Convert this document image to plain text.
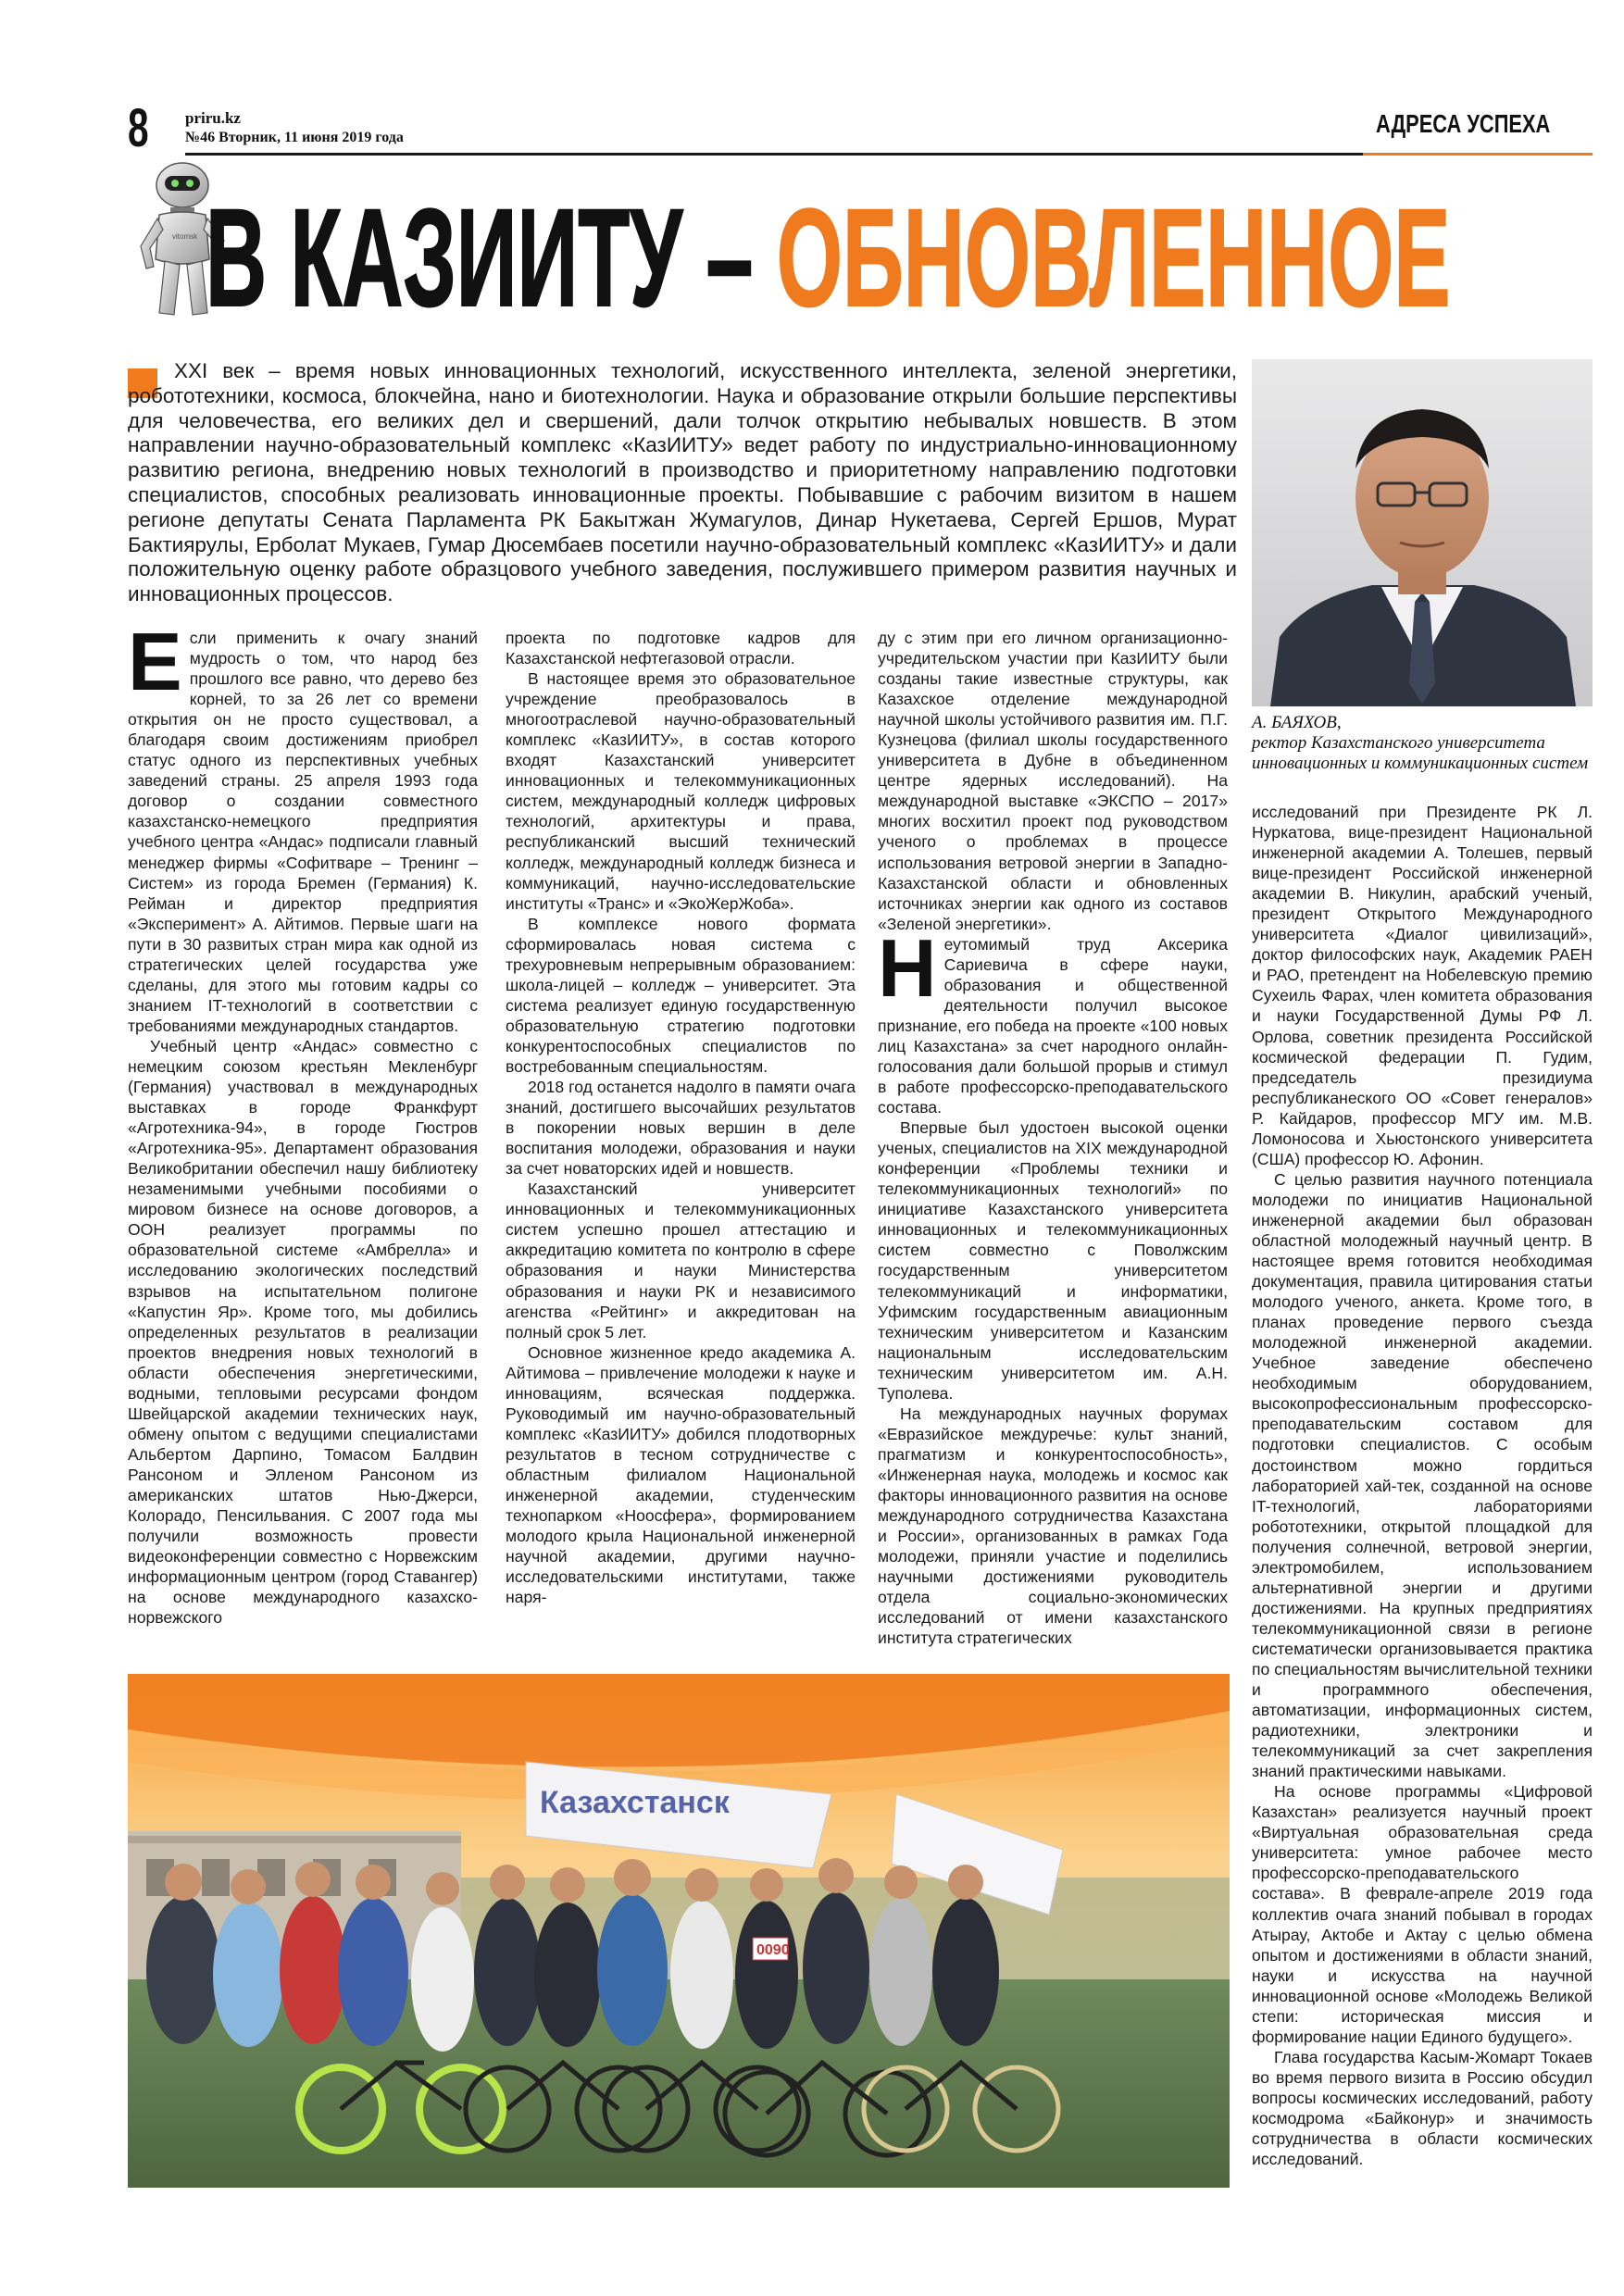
8	priru.kz
№46 Вторник, 11 июня 2019 года	АДРЕСА УСПЕХА
vitomsk В КАЗИИТУ – ОБНОВЛЕННОЕ
XXI век – время новых инновационных технологий, искусственного интеллекта, зеленой энергетики, робототехники, космоса, блокчейна, нано и биотехнологии. Наука и образование открыли большие перспективы для человечества, его великих дел и свершений, дали толчок открытию небывалых новшеств. В этом направлении научно-образовательный комплекс «КазИИТУ» ведет работу по индустриально-инновационному развитию региона, внедрению новых технологий в производство и приоритетному направлению подготовки специалистов, способных реализовать инновационные проекты. Побывавшие с рабочим визитом в нашем регионе депутаты Сената Парламента РК Бакытжан Жумагулов, Динар Нукетаева, Сергей Ершов, Мурат Бактиярулы, Ерболат Мукаев, Гумар Дюсембаев посетили научно-образовательный комплекс «КазИИТУ» и дали положительную оценку работе образцового учебного заведения, послужившего примером развития научных и инновационных процессов.
А. БАЯХОВ,
ректор Казахстанского университета инновационных и коммуникационных систем

Если применить к очагу знаний мудрость о том, что народ без прошлого все равно, что дерево без корней, то за 26 лет со времени открытия он не просто существовал, а благодаря своим достижениям приобрел статус одного из перспективных учебных заведений страны. 25 апреля 1993 года договор о создании совместного казахстанско-немецкого предприятия учебного центра «Андас» подписали главный менеджер фирмы «Софитваре – Тренинг – Систем» из города Бремен (Германия) К. Рейман и директор предприятия «Эксперимент» А. Айтимов. Первые шаги на пути в 30 развитых стран мира как одной из стратегических целей государства уже сделаны, для этого мы готовим кадры со знанием IT-технологий в соответствии с требованиями международных стандартов.

Учебный центр «Андас» совместно с немецким союзом крестьян Мекленбург (Германия) участвовал в международных выставках в городе Франкфурт «Агротехника-94», в городе Гюстров «Агротехника-95». Департамент образования Великобритании обеспечил нашу библиотеку незаменимыми учебными пособиями о мировом бизнесе на основе договоров, а ООН реализует программы по образовательной системе «Амбрелла» и исследованию экологических последствий взрывов на испытательном полигоне «Капустин Яр». Кроме того, мы добились определенных результатов в реализации проектов внедрения новых технологий в области обеспечения энергетическими, водными, тепловыми ресурсами фондом Швейцарской академии технических наук, обмену опытом с ведущими специалистами Альбертом Дарпино, Томасом Балдвин Рансоном и Элленом Рансоном из американских штатов Нью-Джерси, Колорадо, Пенсильвания. С 2007 года мы получили возможность провести видеоконференции совместно с Норвежским информационным центром (город Ставангер) на основе международного казахско-норвежского

проекта по подготовке кадров для Казахстанской нефтегазовой отрасли.

В настоящее время это образовательное учреждение преобразовалось в многоотраслевой научно-образовательный комплекс «КазИИТУ», в состав которого входят Казахстанский университет инновационных и телекоммуникационных систем, международный колледж цифровых технологий, архитектуры и права, республиканский высший технический колледж, международный колледж бизнеса и коммуникаций, научно-исследовательские институты «Транс» и «ЭкоЖерЖоба».

В комплексе нового формата сформировалась новая система с трехуровневым непрерывным образованием: школа-лицей – колледж – университет. Эта система реализует единую государственную образовательную стратегию подготовки конкурентоспособных специалистов по востребованным специальностям.

2018 год останется надолго в памяти очага знаний, достигшего высочайших результатов в покорении новых вершин в деле воспитания молодежи, образования и науки за счет новаторских идей и новшеств.

Казахстанский университет инновационных и телекоммуникационных систем успешно прошел аттестацию и аккредитацию комитета по контролю в сфере образования и науки Министерства образования и науки РК и независимого агенства «Рейтинг» и аккредитован на полный срок 5 лет.

Основное жизненное кредо академика А. Айтимова – привлечение молодежи к науке и инновациям, всяческая поддержка. Руководимый им научно-образовательный комплекс «КазИИТУ» добился плодотворных результатов в тесном сотрудничестве с областным филиалом Национальной инженерной академии, студенческим технопарком «Ноосфера», формированием молодого крыла Национальной инженерной научной академии, другими научно-исследовательскими институтами, также наря-

ду с этим при его личном организационно-учредительском участии при КазИИТУ были созданы такие известные структуры, как Казахское отделение международной научной школы устойчивого развития им. П.Г. Кузнецова (филиал школы государственного университета в Дубне в объединенном центре ядерных исследований). На международной выставке «ЭКСПО – 2017» многих восхитил проект под руководством ученого о проблемах в процессе использования ветровой энергии в Западно-Казахстанской области и обновленных источниках энергии как одного из составов «Зеленой энергетики».

Неутомимый труд Аксерика Сариевича в сфере науки, образования и общественной деятельности получил высокое признание, его победа на проекте «100 новых лиц Казахстана» за счет народного онлайн-голосования дали большой прорыв и стимул в работе профессорско-преподавательского состава.

Впервые был удостоен высокой оценки ученых, специалистов на XIX международной конференции «Проблемы техники и телекоммуникационных технологий» по инициативе Казахстанского университета инновационных и телекоммуникационных систем совместно с Поволжским государственным университетом телекоммуникаций и информатики, Уфимским государственным авиационным техническим университетом и Казанским национальным исследовательским техническим университетом им. А.Н. Туполева.

На международных научных форумах «Евразийское междуречье: культ знаний, прагматизм и конкурентоспособность», «Инженерная наука, молодежь и космос как факторы инновационного развития на основе международного сотрудничества Казахстана и России», организованных в рамках Года молодежи, приняли участие и поделились научными достижениями руководитель отдела социально-экономических исследований от имени казахстанского института стратегических

исследований при Президенте РК Л. Нуркатова, вице-президент Национальной инженерной академии А. Толешев, первый вице-президент Российской инженерной академии В. Никулин, арабский ученый, президент Открытого Международного университета «Диалог цивилизаций», доктор философских наук, Академик РАЕН и РАО, претендент на Нобелевскую премию Сухеиль Фарах, член комитета образования и науки Государственной Думы РФ Л. Орлова, советник президента Российской космической федерации П. Гудим, председатель президиума республиканеского ОО «Совет генералов» Р. Кайдаров, профессор МГУ им. М.В. Ломоносова и Хьюстонского университета (США) профессор Ю. Афонин.

С целью развития научного потенциала молодежи по инициатив Национальной инженерной академии был образован областной молодежный научный центр. В настоящее время готовится необходимая документация, правила цитирования статьи молодого ученого, анкета. Кроме того, в планах проведение первого съезда молодежной инженерной академии. Учебное заведение обеспечено необходимым оборудованием, высокопрофессиональным профессорско-преподавательским составом для подготовки специалистов. С особым достоинством можно гордиться лабораторией хай-тек, созданной на основе IT-технологий, лабораториями робототехники, открытой площадкой для получения солнечной, ветровой энергии, электромобилем, использованием альтернативной энергии и другими достижениями. На крупных предприятиях телекоммуникационной связи в регионе систематически организовывается практика по специальностям вычислительной техники и программного обеспечения, автоматизации, информационных систем, радиотехники, электроники и телекоммуникаций за счет закрепления знаний практическими навыками.

На основе программы «Цифровой Казахстан» реализуется научный проект «Виртуальная образовательная среда университета: умное рабочее место профессорско-преподавательского состава». В феврале-апреле 2019 года коллектив очага знаний побывал в городах Атырау, Актобе и Актау с целью обмена опытом и достижениями в области знаний, науки и искусства на научной инновационной основе «Молодежь Великой степи: историческая миссия и формирование нации Единого будущего».

Глава государства Касым-Жомарт Токаев во время первого визита в Россию обсудил вопросы космических исследований, работу космодрома «Байконур» и значимость сотрудничества в области космических исследований.

Казахстанск
0090
